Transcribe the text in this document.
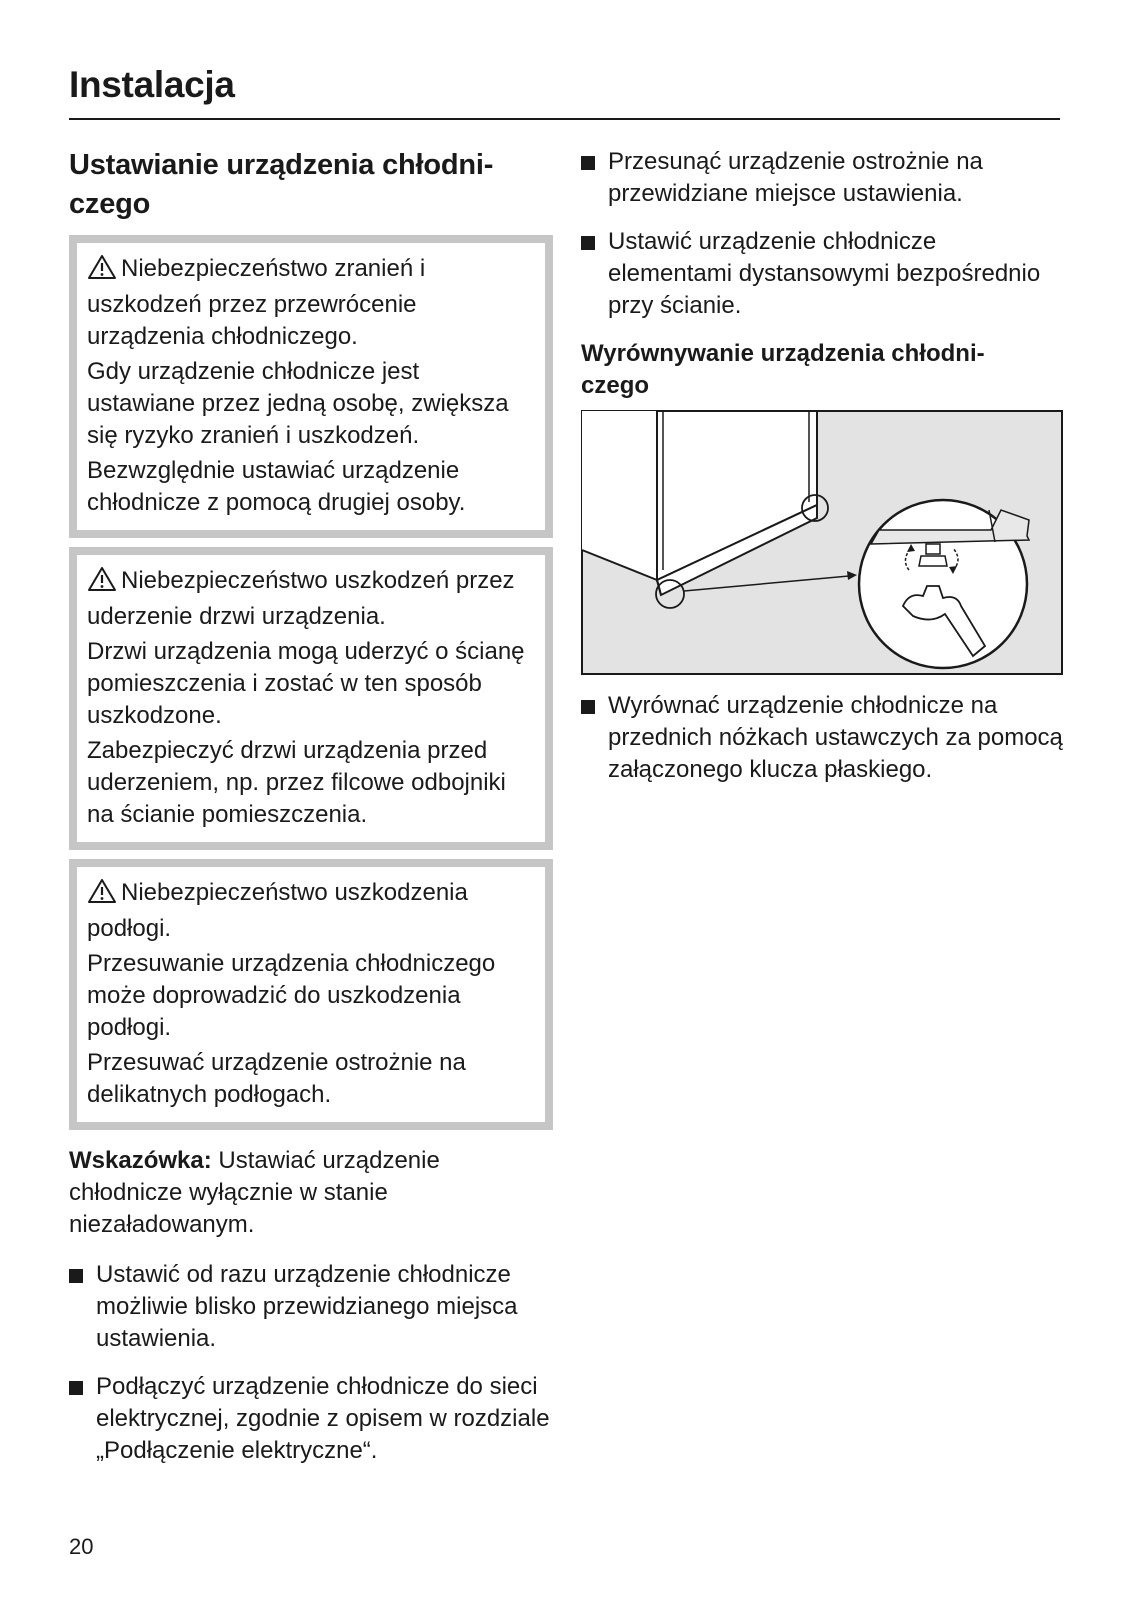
Instalacja
Ustawianie urządzenia chłodni-
czego

Niebezpieczeństwo zranień i uszkodzeń przez przewrócenie urządzenia chłodniczego.

Gdy urządzenie chłodnicze jest ustawiane przez jedną osobę, zwiększa się ryzyko zranień i uszkodzeń.

Bezwzględnie ustawiać urządzenie chłodnicze z pomocą drugiej osoby.

Niebezpieczeństwo uszkodzeń przez uderzenie drzwi urządzenia.

Drzwi urządzenia mogą uderzyć o ścianę pomieszczenia i zostać w ten sposób uszkodzone.

Zabezpieczyć drzwi urządzenia przed uderzeniem, np. przez filcowe odbojniki na ścianie pomieszczenia.

Niebezpieczeństwo uszkodzenia podłogi.

Przesuwanie urządzenia chłodniczego może doprowadzić do uszkodzenia podłogi.

Przesuwać urządzenie ostrożnie na delikatnych podłogach.

Wskazówka: Ustawiać urządzenie chłodnicze wyłącznie w stanie niezaładowanym.
Ustawić od razu urządzenie chłodnicze możliwie blisko przewidzianego miejsca ustawienia.
Podłączyć urządzenie chłodnicze do sieci elektrycznej, zgodnie z opisem w rozdziale „Podłączenie elektryczne“.
Przesunąć urządzenie ostrożnie na przewidziane miejsce ustawienia.
Ustawić urządzenie chłodnicze elementami dystansowymi bezpośrednio przy ścianie.
Wyrównywanie urządzenia chłodni-
czego
Wyrównać urządzenie chłodnicze na przednich nóżkach ustawczych za pomocą załączonego klucza płaskiego.
20
